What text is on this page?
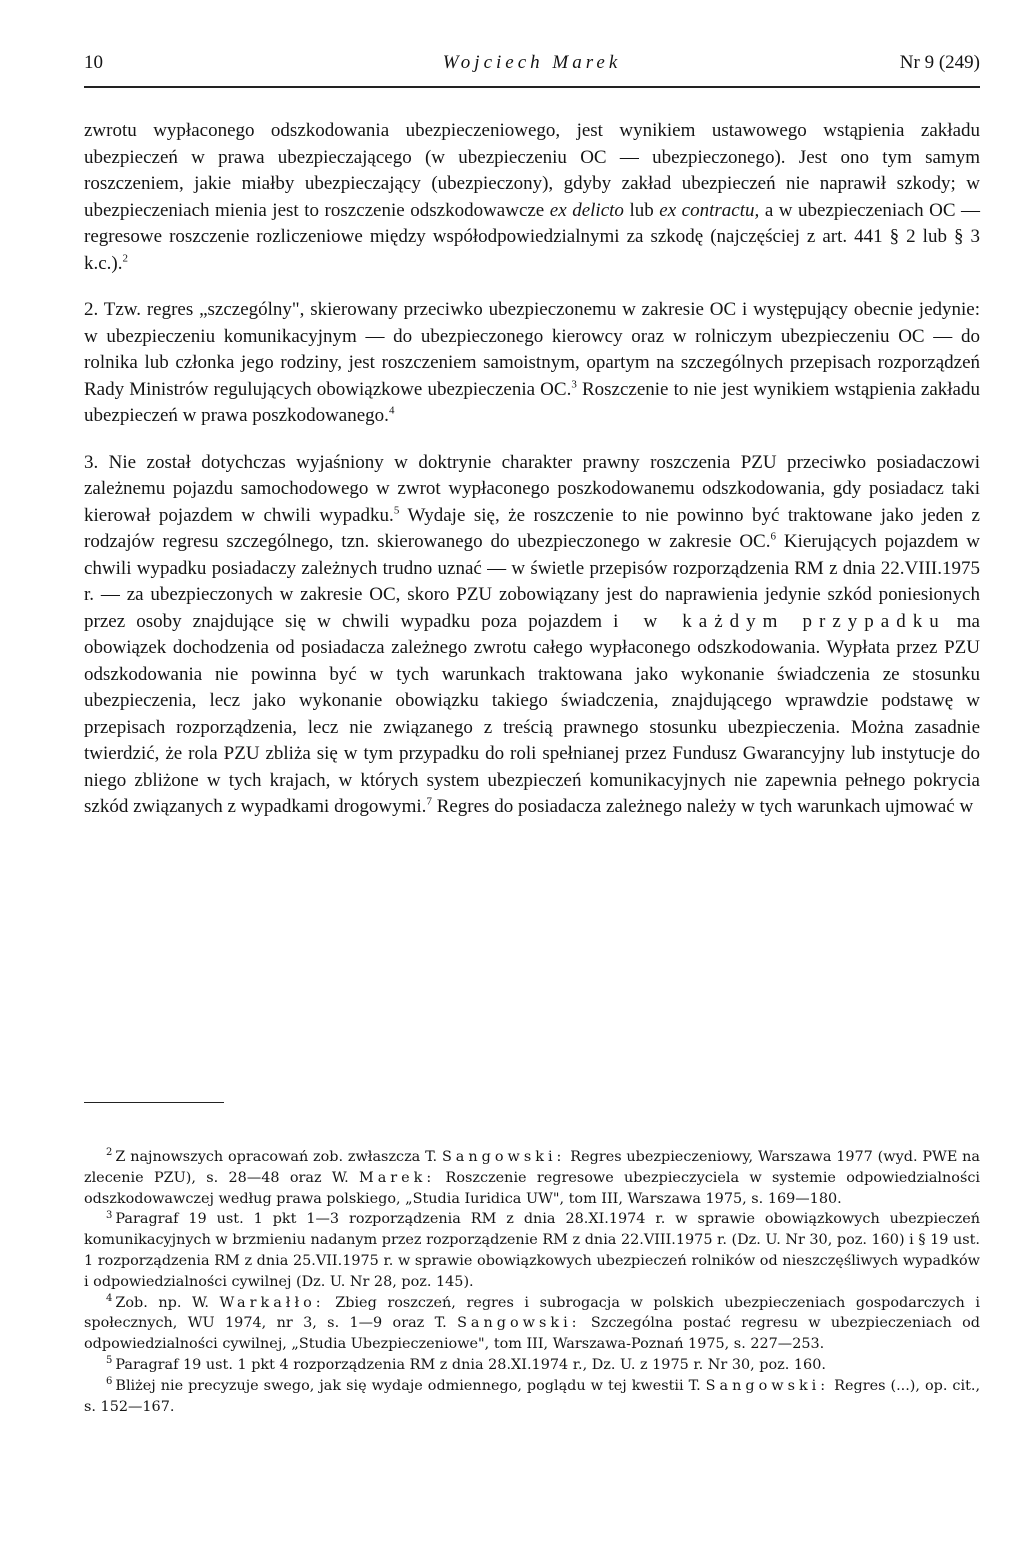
10	Wojciech Marek	Nr 9 (249)

zwrotu wypłaconego odszkodowania ubezpieczeniowego, jest wynikiem ustawowego wstąpienia zakładu ubezpieczeń w prawa ubezpieczającego (w ubezpieczeniu OC — ubezpieczonego). Jest ono tym samym roszczeniem, jakie miałby ubezpieczający (ubezpieczony), gdyby zakład ubezpieczeń nie naprawił szkody; w ubezpieczeniach mienia jest to roszczenie odszkodowawcze ex delicto lub ex contractu, a w ubezpieczeniach OC — regresowe roszczenie rozliczeniowe między współodpowiedzialnymi za szkodę (najczęściej z art. 441 § 2 lub § 3 k.c.).$^2$

2. Tzw. regres „szczególny", skierowany przeciwko ubezpieczonemu w zakresie OC i występujący obecnie jedynie: w ubezpieczeniu komunikacyjnym — do ubezpieczonego kierowcy oraz w rolniczym ubezpieczeniu OC — do rolnika lub członka jego rodziny, jest roszczeniem samoistnym, opartym na szczególnych przepisach rozporządzeń Rady Ministrów regulujących obowiązkowe ubezpieczenia OC.$^3$ Roszczenie to nie jest wynikiem wstąpienia zakładu ubezpieczeń w prawa poszkodowanego.$^4$

3. Nie został dotychczas wyjaśniony w doktrynie charakter prawny roszczenia PZU przeciwko posiadaczowi zależnemu pojazdu samochodowego w zwrot wypłaconego poszkodowanemu odszkodowania, gdy posiadacz taki kierował pojazdem w chwili wypadku.$^5$ Wydaje się, że roszczenie to nie powinno być traktowane jako jeden z rodzajów regresu szczególnego, tzn. skierowanego do ubezpieczonego w zakresie OC.$^6$ Kierujących pojazdem w chwili wypadku posiadaczy zależnych trudno uznać — w świetle przepisów rozporządzenia RM z dnia 22.VIII.1975 r. — za ubezpieczonych w zakresie OC, skoro PZU zobowiązany jest do naprawienia jedynie szkód poniesionych przez osoby znajdujące się w chwili wypadku poza pojazdem i w każdym przypadku ma obowiązek dochodzenia od posiadacza zależnego zwrotu całego wypłaconego odszkodowania. Wypłata przez PZU odszkodowania nie powinna być w tych warunkach traktowana jako wykonanie świadczenia ze stosunku ubezpieczenia, lecz jako wykonanie obowiązku takiego świadczenia, znajdującego wprawdzie podstawę w przepisach rozporządzenia, lecz nie związanego z treścią prawnego stosunku ubezpieczenia. Można zasadnie twierdzić, że rola PZU zbliża się w tym przypadku do roli spełnianej przez Fundusz Gwarancyjny lub instytucje do niego zbliżone w tych krajach, w których system ubezpieczeń komunikacyjnych nie zapewnia pełnego pokrycia szkód związanych z wypadkami drogowymi.$^7$ Regres do posiadacza zależnego należy w tych warunkach ujmować w

$^2$ Z najnowszych opracowań zob. zwłaszcza T. Sangowski: Regres ubezpieczeniowy, Warszawa 1977 (wyd. PWE na zlecenie PZU), s. 28—48 oraz W. Marek: Roszczenie regresowe ubezpieczyciela w systemie odpowiedzialności odszkodowawczej według prawa polskiego, „Studia Iuridica UW", tom III, Warszawa 1975, s. 169—180.

$^3$ Paragraf 19 ust. 1 pkt 1—3 rozporządzenia RM z dnia 28.XI.1974 r. w sprawie obowiązkowych ubezpieczeń komunikacyjnych w brzmieniu nadanym przez rozporządzenie RM z dnia 22.VIII.1975 r. (Dz. U. Nr 30, poz. 160) i § 19 ust. 1 rozporządzenia RM z dnia 25.VII.1975 r. w sprawie obowiązkowych ubezpieczeń rolników od nieszczęśliwych wypadków i odpowiedzialności cywilnej (Dz. U. Nr 28, poz. 145).

$^4$ Zob. np. W. Warkałło: Zbieg roszczeń, regres i subrogacja w polskich ubezpieczeniach gospodarczych i społecznych, WU 1974, nr 3, s. 1—9 oraz T. Sangowski: Szczególna postać regresu w ubezpieczeniach od odpowiedzialności cywilnej, „Studia Ubezpieczeniowe", tom III, Warszawa-Poznań 1975, s. 227—253.

$^5$ Paragraf 19 ust. 1 pkt 4 rozporządzenia RM z dnia 28.XI.1974 r., Dz. U. z 1975 r. Nr 30, poz. 160.

$^6$ Bliżej nie precyzuje swego, jak się wydaje odmiennego, poglądu w tej kwestii T. Sangowski: Regres (...), op. cit., s. 152—167.
